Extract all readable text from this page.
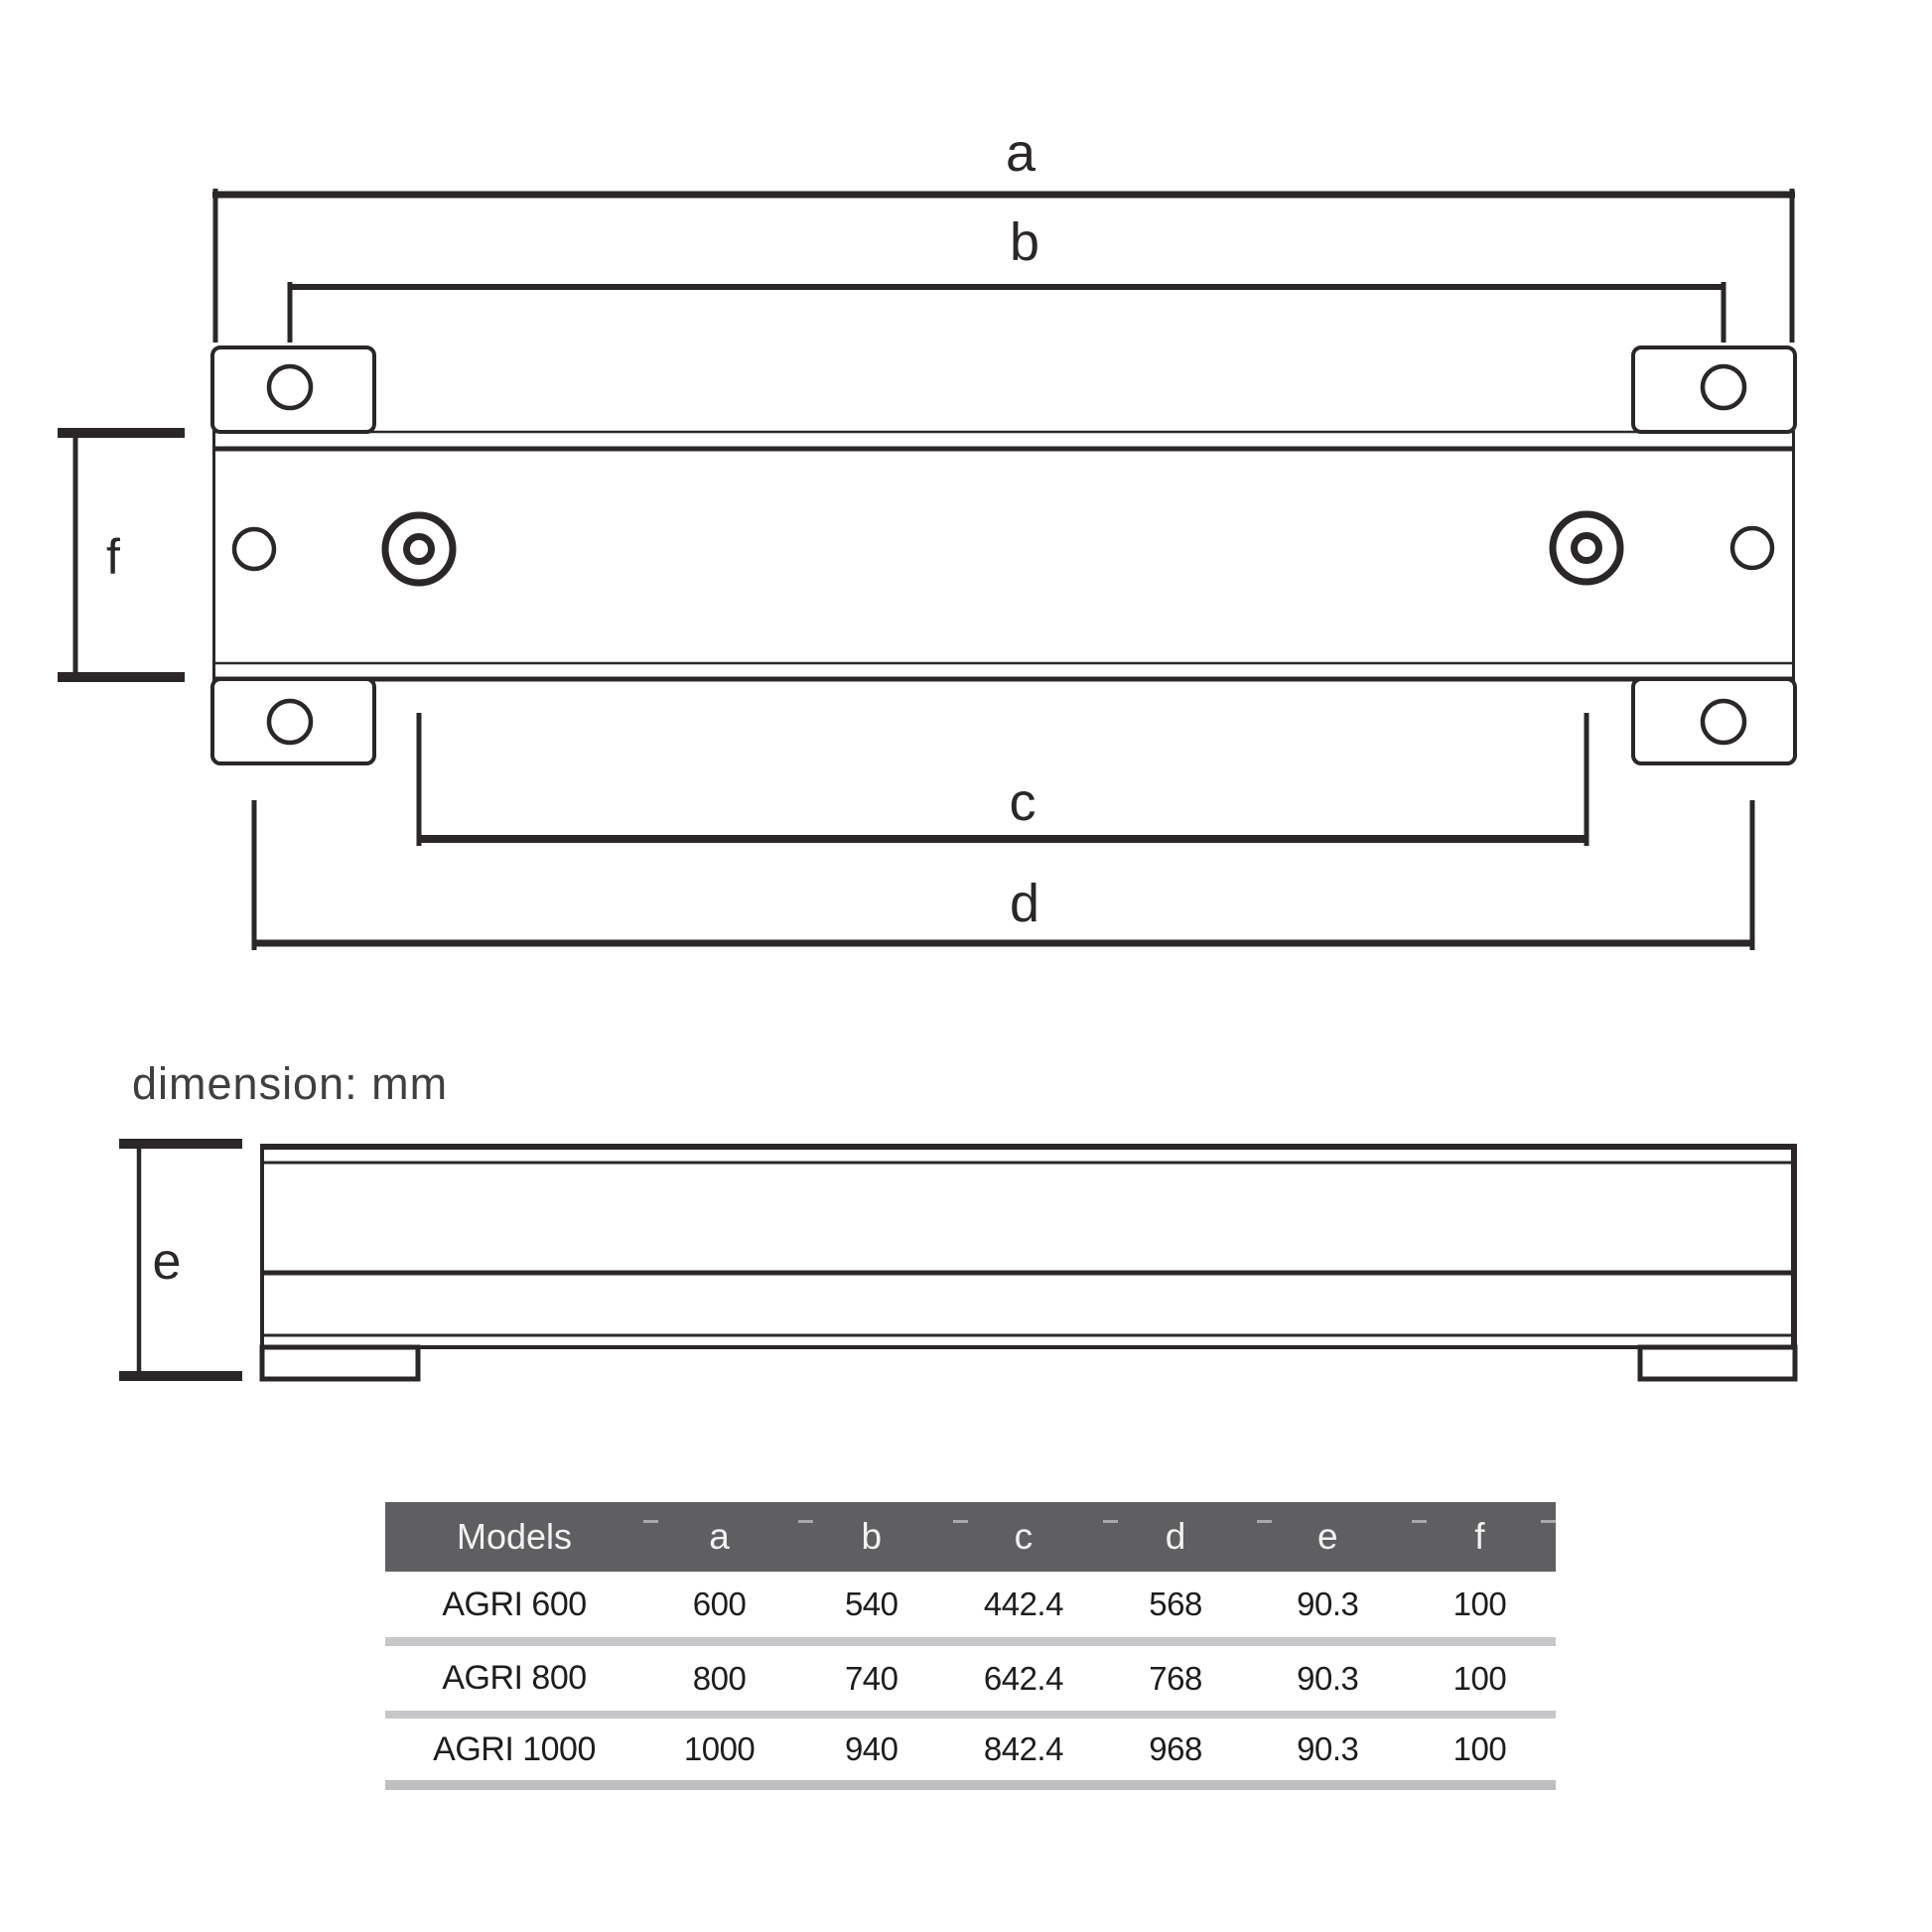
a
b
f
c
d
e
dimension: mm
Models	a	b	c	d	e	f
AGRI 600	600	540	442.4	568	90.3	100
AGRI 800	800	740	642.4	768	90.3	100
AGRI 1000	1000	940	842.4	968	90.3	100
